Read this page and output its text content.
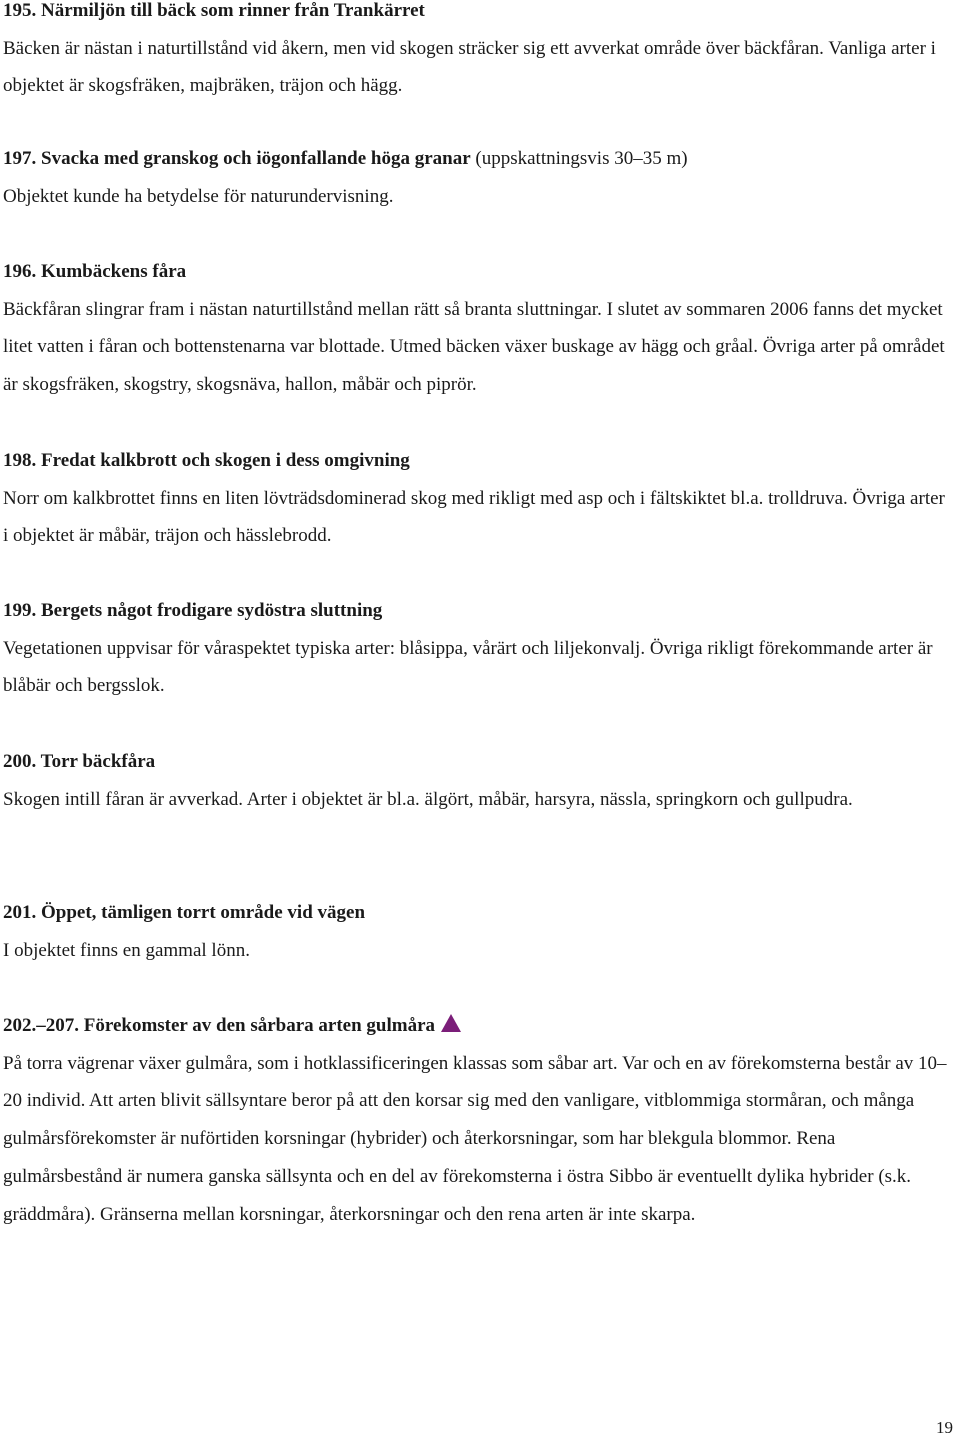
195. Närmiljön till bäck som rinner från Trankärret

Bäcken är nästan i naturtillstånd vid åkern, men vid skogen sträcker sig ett avverkat område över bäckfåran. Vanliga arter i objektet är skogsfräken, majbräken, träjon och hägg.

197. Svacka med granskog och iögonfallande höga granar (uppskattningsvis 30–35 m)

Objektet kunde ha betydelse för naturundervisning.

196. Kumbäckens fåra

Bäckfåran slingrar fram i nästan naturtillstånd mellan rätt så branta sluttningar. I slutet av sommaren 2006 fanns det mycket litet vatten i fåran och bottenstenarna var blottade. Utmed bäcken växer buskage av hägg och gråal. Övriga arter på området är skogsfräken, skogstry, skogsnäva, hallon, måbär och piprör.

198. Fredat kalkbrott och skogen i dess omgivning

Norr om kalkbrottet finns en liten lövträdsdominerad skog med rikligt med asp och i fältskiktet bl.a. trolldruva. Övriga arter i objektet är måbär, träjon och hässlebrodd.

199. Bergets något frodigare sydöstra sluttning

Vegetationen uppvisar för våraspektet typiska arter: blåsippa, vårärt och liljekonvalj. Övriga rikligt förekommande arter är blåbär och bergsslok.

200. Torr bäckfåra

Skogen intill fåran är avverkad. Arter i objektet är bl.a. älgört, måbär, harsyra, nässla, springkorn och gullpudra.

201. Öppet, tämligen torrt område vid vägen

I objektet finns en gammal lönn.

202.–207. Förekomster av den sårbara arten gulmåra

På torra vägrenar växer gulmåra, som i hotklassificeringen klassas som såbar art. Var och en av förekomsterna består av 10–20 individ. Att arten blivit sällsyntare beror på att den korsar sig med den vanligare, vitblommiga stormåran, och många gulmårsförekomster är nuförtiden korsningar (hybrider) och återkorsningar, som har blekgula blommor. Rena gulmårsbestånd är numera ganska sällsynta och en del av förekomsterna i östra Sibbo är eventuellt dylika hybrider (s.k. gräddmåra). Gränserna mellan korsningar, återkorsningar och den rena arten är inte skarpa.

19
